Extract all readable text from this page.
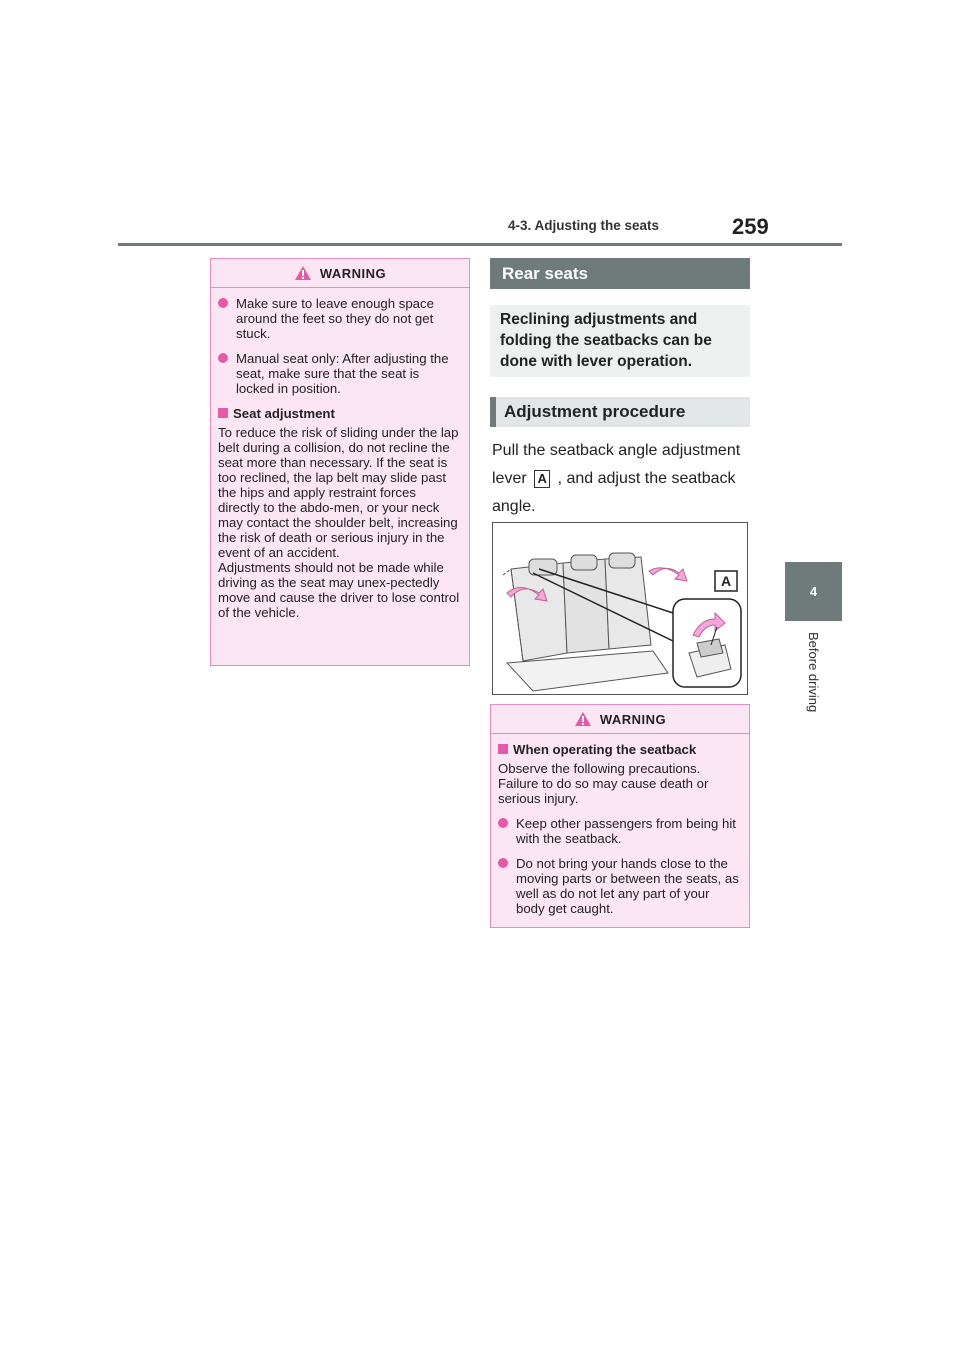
4-3. Adjusting the seats	259
4
Before driving
WARNING
Make sure to leave enough space around the feet so they do not get stuck.
Manual seat only: After adjusting the seat, make sure that the seat is locked in position.
Seat adjustment
To reduce the risk of sliding under the lap belt during a collision, do not recline the seat more than necessary. If the seat is too reclined, the lap belt may slide past the hips and apply restraint forces directly to the abdo-men, or your neck may contact the shoulder belt, increasing the risk of death or serious injury in the event of an accident.
Adjustments should not be made while driving as the seat may unex-pectedly move and cause the driver to lose control of the vehicle.
Rear seats
Reclining adjustments and folding the seatbacks can be done with lever operation.
Adjustment procedure
Pull the seatback angle adjustment lever A , and adjust the seatback angle.
A
WARNING
When operating the seatback
Observe the following precautions. Failure to do so may cause death or serious injury.
Keep other passengers from being hit with the seatback.
Do not bring your hands close to the moving parts or between the seats, as well as do not let any part of your body get caught.
